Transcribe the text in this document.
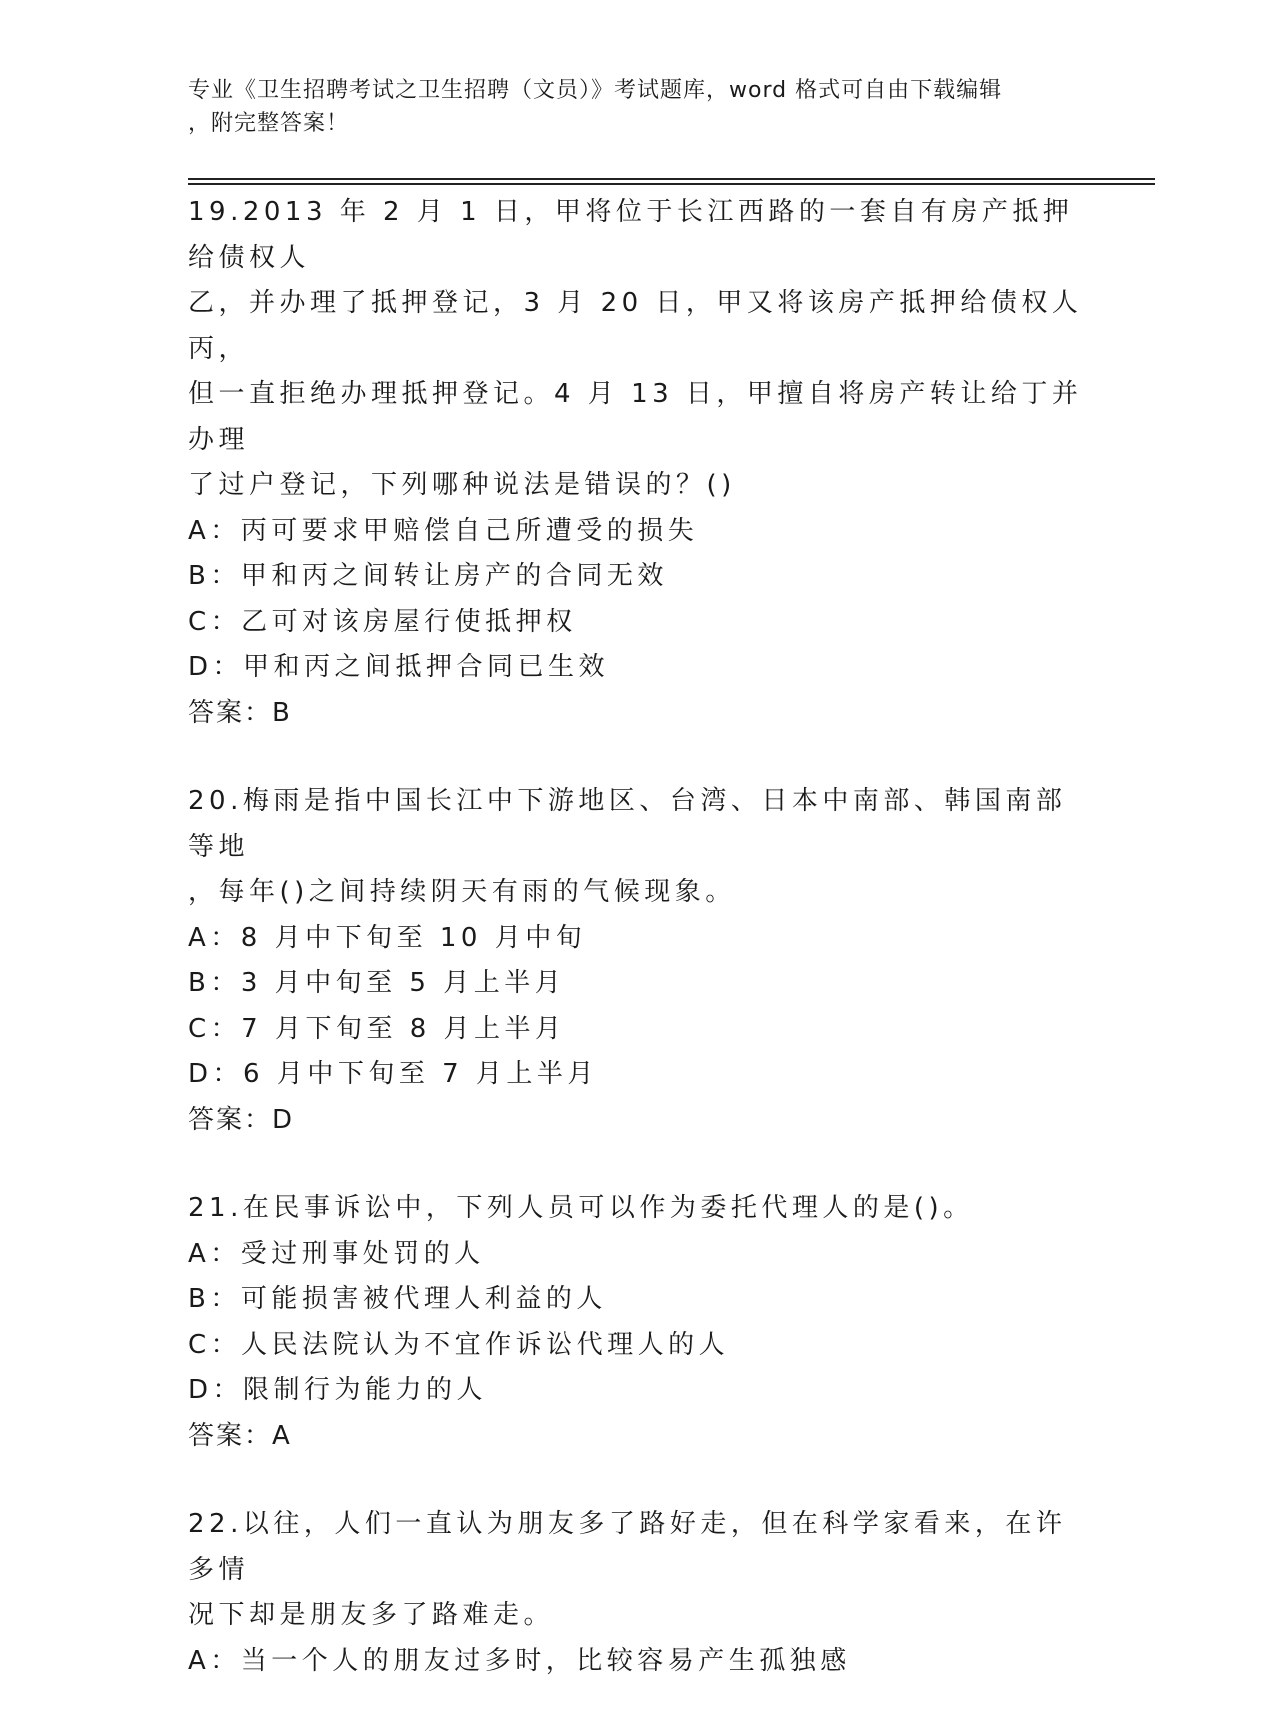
专业《卫生招聘考试之卫生招聘（文员）》考试题库，word 格式可自由下载编辑
，附完整答案！

19.2013 年 2 月 1 日，甲将位于长江西路的一套自有房产抵押给债权人

乙，并办理了抵押登记，3 月 20 日，甲又将该房产抵押给债权人丙，

但一直拒绝办理抵押登记。4 月 13 日，甲擅自将房产转让给丁并办理

了过户登记，下列哪种说法是错误的？()

A：丙可要求甲赔偿自己所遭受的损失

B：甲和丙之间转让房产的合同无效

C：乙可对该房屋行使抵押权

D：甲和丙之间抵押合同已生效

答案：B

20.梅雨是指中国长江中下游地区、台湾、日本中南部、韩国南部等地

，每年()之间持续阴天有雨的气候现象。

A：8 月中下旬至 10 月中旬

B：3 月中旬至 5 月上半月

C：7 月下旬至 8 月上半月

D：6 月中下旬至 7 月上半月

答案：D

21.在民事诉讼中，下列人员可以作为委托代理人的是()。

A：受过刑事处罚的人

B：可能损害被代理人利益的人

C：人民法院认为不宜作诉讼代理人的人

D：限制行为能力的人

答案：A

22.以往，人们一直认为朋友多了路好走，但在科学家看来，在许多情

况下却是朋友多了路难走。

A：当一个人的朋友过多时，比较容易产生孤独感
